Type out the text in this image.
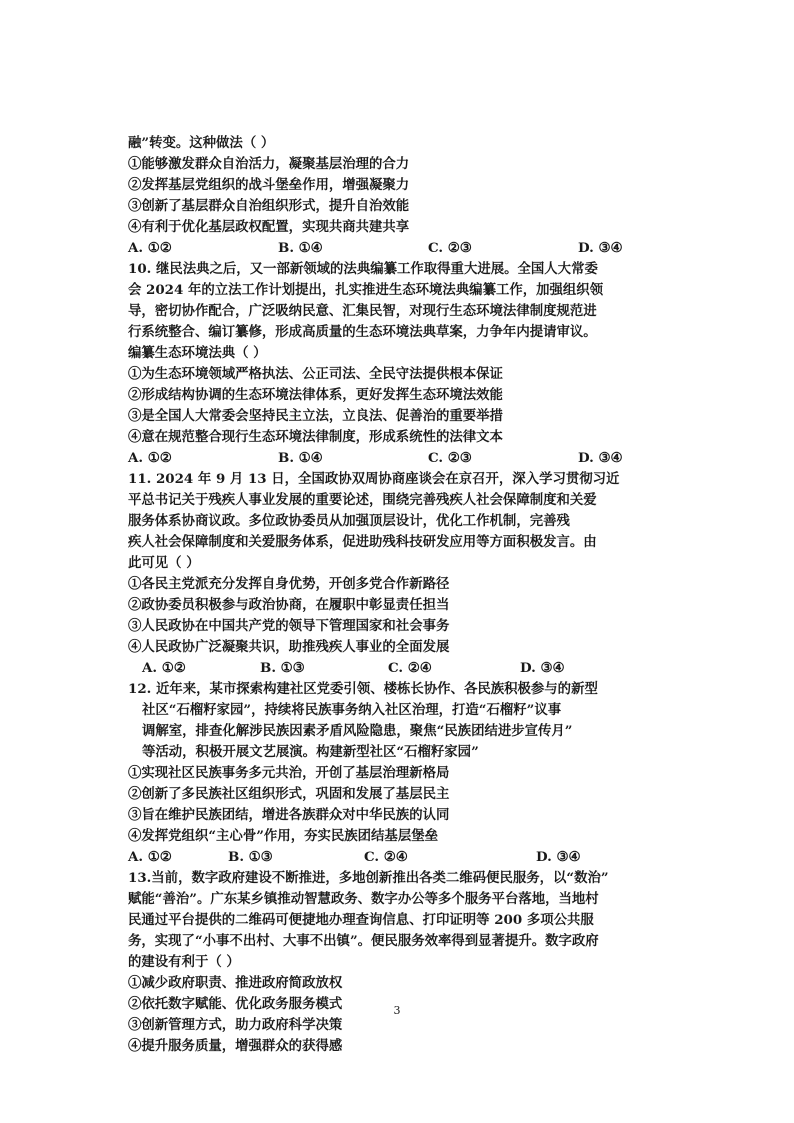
融”转变。这种做法（ ）
①能够激发群众自治活力，凝聚基层治理的合力
②发挥基层党组织的战斗堡垒作用，增强凝聚力
③创新了基层群众自治组织形式，提升自治效能
④有利于优化基层政权配置，实现共商共建共享
A. ①②	B. ①④	C. ②③	D. ③④
10. 继民法典之后，又一部新领域的法典编纂工作取得重大进展。全国人大常委
会 2024 年的立法工作计划提出，扎实推进生态环境法典编纂工作，加强组织领
导，密切协作配合，广泛吸纳民意、汇集民智，对现行生态环境法律制度规范进
行系统整合、编订纂修，形成高质量的生态环境法典草案，力争年内提请审议。
编纂生态环境法典（ ）
①为生态环境领域严格执法、公正司法、全民守法提供根本保证
②形成结构协调的生态环境法律体系，更好发挥生态环境法效能
③是全国人大常委会坚持民主立法，立良法、促善治的重要举措
④意在规范整合现行生态环境法律制度，形成系统性的法律文本
A. ①②	B. ①④	C. ②③	D. ③④
11. 2024 年 9 月 13 日，全国政协双周协商座谈会在京召开，深入学习贯彻习近
平总书记关于残疾人事业发展的重要论述，围绕完善残疾人社会保障制度和关爱
服务体系协商议政。多位政协委员从加强顶层设计，优化工作机制，完善残
疾人社会保障制度和关爱服务体系，促进助残科技研发应用等方面积极发言。由
此可见（ ）
①各民主党派充分发挥自身优势，开创多党合作新路径
②政协委员积极参与政治协商，在履职中彰显责任担当
③人民政协在中国共产党的领导下管理国家和社会事务
④人民政协广泛凝聚共识，助推残疾人事业的全面发展
A. ①②	B. ①③	C. ②④	D. ③④
12. 近年来，某市探索构建社区党委引领、楼栋长协作、各民族积极参与的新型
社区“石榴籽家园”，持续将民族事务纳入社区治理，打造“石榴籽”议事
调解室，排查化解涉民族因素矛盾风险隐患，聚焦“民族团结进步宣传月”
等活动，积极开展文艺展演。构建新型社区“石榴籽家园”
①实现社区民族事务多元共治，开创了基层治理新格局
②创新了多民族社区组织形式，巩固和发展了基层民主
③旨在维护民族团结，增进各族群众对中华民族的认同
④发挥党组织“主心骨”作用，夯实民族团结基层堡垒
A. ①②	B. ①③	C. ②④	D. ③④
13.当前，数字政府建设不断推进，多地创新推出各类二维码便民服务，以“数治”
赋能“善治”。广东某乡镇推动智慧政务、数字办公等多个服务平台落地，当地村
民通过平台提供的二维码可便捷地办理查询信息、打印证明等 200 多项公共服
务，实现了“小事不出村、大事不出镇”。便民服务效率得到显著提升。数字政府
的建设有利于（ ）
①减少政府职责、推进政府简政放权
②依托数字赋能、优化政务服务模式
③创新管理方式，助力政府科学决策
④提升服务质量，增强群众的获得感
3
